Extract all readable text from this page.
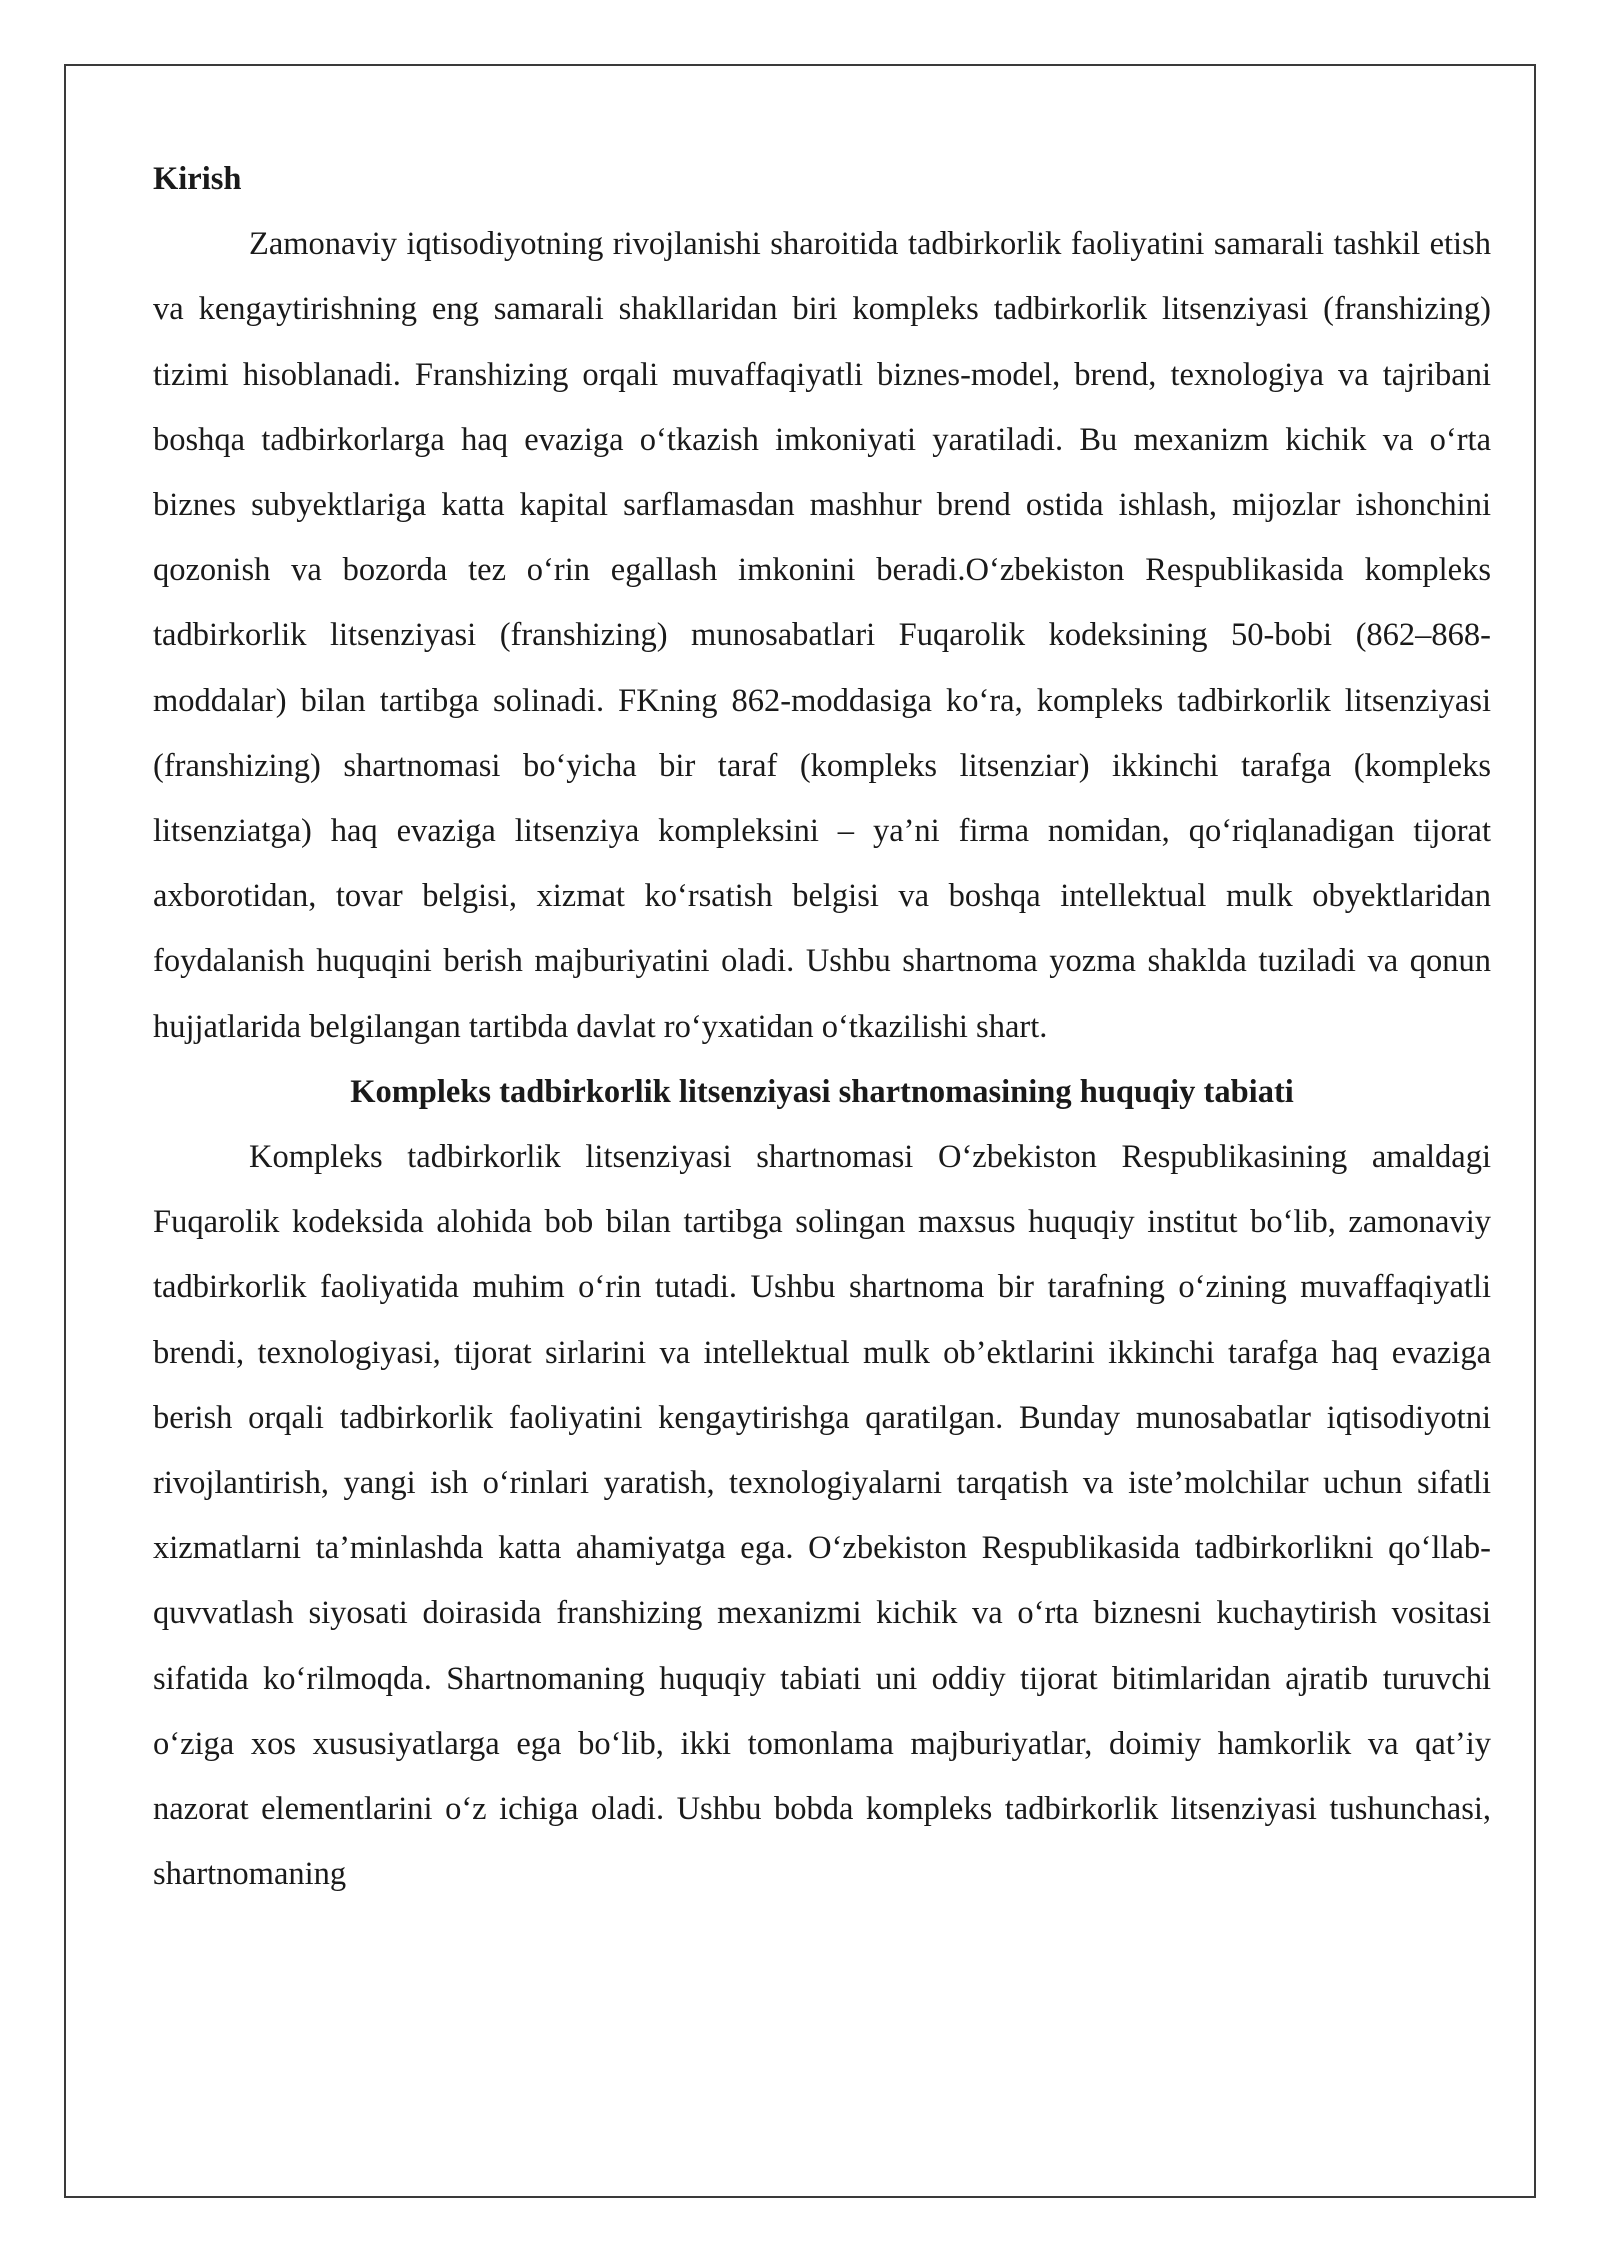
Kirish

Zamonaviy iqtisodiyotning rivojlanishi sharoitida tadbirkorlik faoliyatini samarali tashkil etish va kengaytirishning eng samarali shakllaridan biri kompleks tadbirkorlik litsenziyasi (franshizing) tizimi hisoblanadi. Franshizing orqali muvaffaqiyatli biznes-model, brend, texnologiya va tajribani boshqa tadbirkorlarga haq evaziga oʻtkazish imkoniyati yaratiladi. Bu mexanizm kichik va oʻrta biznes subyektlariga katta kapital sarflamasdan mashhur brend ostida ishlash, mijozlar ishonchini qozonish va bozorda tez oʻrin egallash imkonini beradi.Oʻzbekiston Respublikasida kompleks tadbirkorlik litsenziyasi (franshizing) munosabatlari Fuqarolik kodeksining 50-bobi (862–868-moddalar) bilan tartibga solinadi. FKning 862-moddasiga koʻra, kompleks tadbirkorlik litsenziyasi (franshizing) shartnomasi boʻyicha bir taraf (kompleks litsenziar) ikkinchi tarafga (kompleks litsenziatga) haq evaziga litsenziya kompleksini – ya’ni firma nomidan, qoʻriqlanadigan tijorat axborotidan, tovar belgisi, xizmat koʻrsatish belgisi va boshqa intellektual mulk obyektlaridan foydalanish huquqini berish majburiyatini oladi. Ushbu shartnoma yozma shaklda tuziladi va qonun hujjatlarida belgilangan tartibda davlat roʻyxatidan oʻtkazilishi shart.

Kompleks tadbirkorlik litsenziyasi shartnomasining huquqiy tabiati

Kompleks tadbirkorlik litsenziyasi shartnomasi Oʻzbekiston Respublikasining amaldagi Fuqarolik kodeksida alohida bob bilan tartibga solingan maxsus huquqiy institut boʻlib, zamonaviy tadbirkorlik faoliyatida muhim oʻrin tutadi. Ushbu shartnoma bir tarafning oʻzining muvaffaqiyatli brendi, texnologiyasi, tijorat sirlarini va intellektual mulk ob’ektlarini ikkinchi tarafga haq evaziga berish orqali tadbirkorlik faoliyatini kengaytirishga qaratilgan. Bunday munosabatlar iqtisodiyotni rivojlantirish, yangi ish oʻrinlari yaratish, texnologiyalarni tarqatish va iste’molchilar uchun sifatli xizmatlarni ta’minlashda katta ahamiyatga ega. Oʻzbekiston Respublikasida tadbirkorlikni qoʻllab-quvvatlash siyosati doirasida franshizing mexanizmi kichik va oʻrta biznesni kuchaytirish vositasi sifatida koʻrilmoqda. Shartnomaning huquqiy tabiati uni oddiy tijorat bitimlaridan ajratib turuvchi oʻziga xos xususiyatlarga ega boʻlib, ikki tomonlama majburiyatlar, doimiy hamkorlik va qat’iy nazorat elementlarini oʻz ichiga oladi. Ushbu bobda kompleks tadbirkorlik litsenziyasi tushunchasi, shartnomaning
